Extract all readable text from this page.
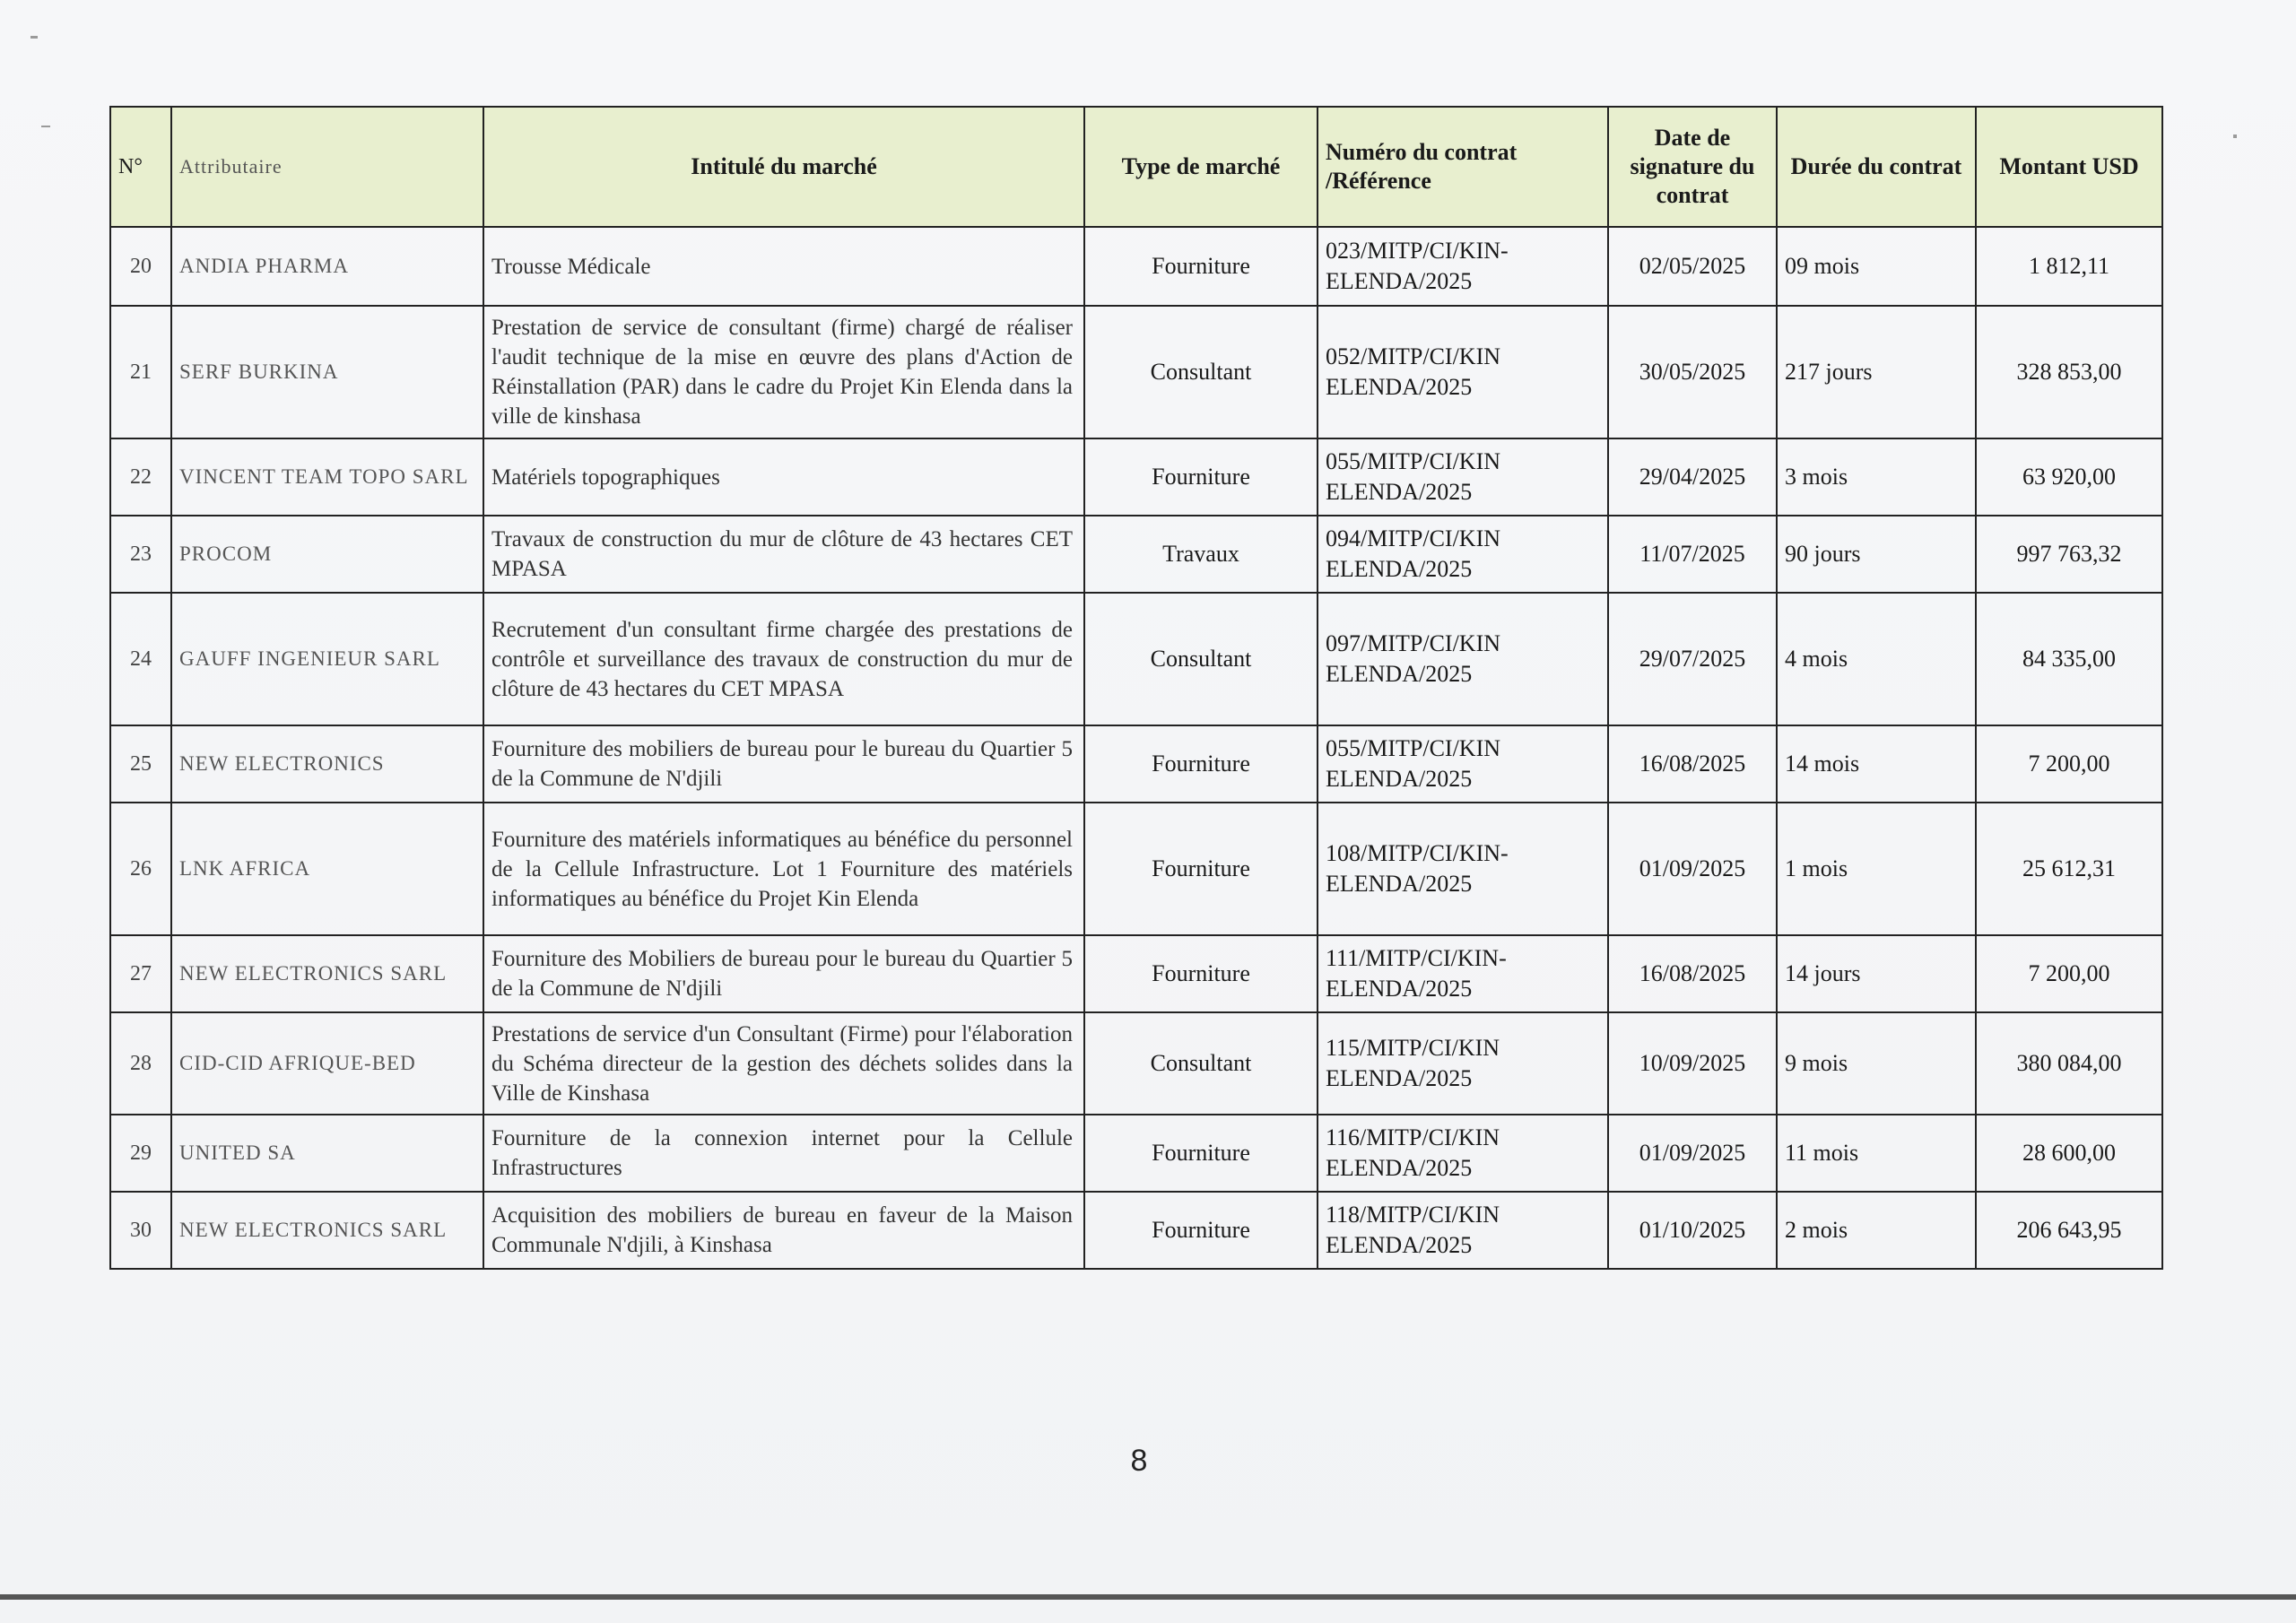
N°	Attributaire	Intitulé du marché	Type de marché	Numéro du contrat /Référence	Date de signature du contrat	Durée du contrat	Montant USD
20	ANDIA PHARMA	Trousse Médicale	Fourniture	023/MITP/CI/KIN-ELENDA/2025	02/05/2025	09 mois	1 812,11
21	SERF BURKINA	Prestation de service de consultant (firme) chargé de réaliser l'audit technique de la mise en œuvre des plans d'Action de Réinstallation (PAR) dans le cadre du Projet Kin Elenda dans la ville de kinshasa	Consultant	052/MITP/CI/KIN ELENDA/2025	30/05/2025	217 jours	328 853,00
22	VINCENT TEAM TOPO SARL	Matériels topographiques	Fourniture	055/MITP/CI/KIN ELENDA/2025	29/04/2025	3 mois	63 920,00
23	PROCOM	Travaux de construction du mur de clôture de 43 hectares CET MPASA	Travaux	094/MITP/CI/KIN ELENDA/2025	11/07/2025	90 jours	997 763,32
24	GAUFF INGENIEUR SARL	Recrutement d'un consultant firme chargée des prestations de contrôle et surveillance des travaux de construction du mur de clôture de 43 hectares du CET MPASA	Consultant	097/MITP/CI/KIN ELENDA/2025	29/07/2025	4 mois	84 335,00
25	NEW ELECTRONICS	Fourniture des mobiliers de bureau pour le bureau du Quartier 5 de la Commune de N'djili	Fourniture	055/MITP/CI/KIN ELENDA/2025	16/08/2025	14 mois	7 200,00
26	LNK AFRICA	Fourniture des matériels informatiques au bénéfice du personnel de la Cellule Infrastructure. Lot 1 Fourniture des matériels informatiques au bénéfice du Projet Kin Elenda	Fourniture	108/MITP/CI/KIN-ELENDA/2025	01/09/2025	1 mois	25 612,31
27	NEW ELECTRONICS SARL	Fourniture des Mobiliers de bureau pour le bureau du Quartier 5 de la Commune de N'djili	Fourniture	111/MITP/CI/KIN-ELENDA/2025	16/08/2025	14 jours	7 200,00
28	CID-CID AFRIQUE-BED	Prestations de service d'un Consultant (Firme) pour l'élaboration du Schéma directeur de la gestion des déchets solides dans la Ville de Kinshasa	Consultant	115/MITP/CI/KIN ELENDA/2025	10/09/2025	9 mois	380 084,00
29	UNITED SA	Fourniture de la connexion internet pour la Cellule Infrastructures	Fourniture	116/MITP/CI/KIN ELENDA/2025	01/09/2025	11 mois	28 600,00
30	NEW ELECTRONICS SARL	Acquisition des mobiliers de bureau en faveur de la Maison Communale N'djili, à Kinshasa	Fourniture	118/MITP/CI/KIN ELENDA/2025	01/10/2025	2 mois	206 643,95
8
